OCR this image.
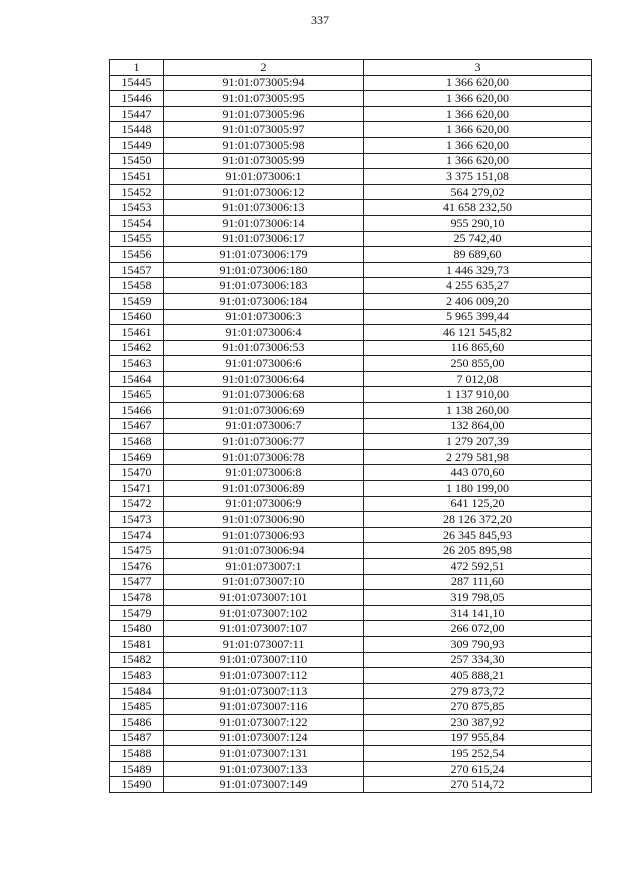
337
1	2	3
15445	91:01:073005:94	1 366 620,00
15446	91:01:073005:95	1 366 620,00
15447	91:01:073005:96	1 366 620,00
15448	91:01:073005:97	1 366 620,00
15449	91:01:073005:98	1 366 620,00
15450	91:01:073005:99	1 366 620,00
15451	91:01:073006:1	3 375 151,08
15452	91:01:073006:12	564 279,02
15453	91:01:073006:13	41 658 232,50
15454	91:01:073006:14	955 290,10
15455	91:01:073006:17	25 742,40
15456	91:01:073006:179	89 689,60
15457	91:01:073006:180	1 446 329,73
15458	91:01:073006:183	4 255 635,27
15459	91:01:073006:184	2 406 009,20
15460	91:01:073006:3	5 965 399,44
15461	91:01:073006:4	46 121 545,82
15462	91:01:073006:53	116 865,60
15463	91:01:073006:6	250 855,00
15464	91:01:073006:64	7 012,08
15465	91:01:073006:68	1 137 910,00
15466	91:01:073006:69	1 138 260,00
15467	91:01:073006:7	132 864,00
15468	91:01:073006:77	1 279 207,39
15469	91:01:073006:78	2 279 581,98
15470	91:01:073006:8	443 070,60
15471	91:01:073006:89	1 180 199,00
15472	91:01:073006:9	641 125,20
15473	91:01:073006:90	28 126 372,20
15474	91:01:073006:93	26 345 845,93
15475	91:01:073006:94	26 205 895,98
15476	91:01:073007:1	472 592,51
15477	91:01:073007:10	287 111,60
15478	91:01:073007:101	319 798,05
15479	91:01:073007:102	314 141,10
15480	91:01:073007:107	266 072,00
15481	91:01:073007:11	309 790,93
15482	91:01:073007:110	257 334,30
15483	91:01:073007:112	405 888,21
15484	91:01:073007:113	279 873,72
15485	91:01:073007:116	270 875,85
15486	91:01:073007:122	230 387,92
15487	91:01:073007:124	197 955,84
15488	91:01:073007:131	195 252,54
15489	91:01:073007:133	270 615,24
15490	91:01:073007:149	270 514,72
